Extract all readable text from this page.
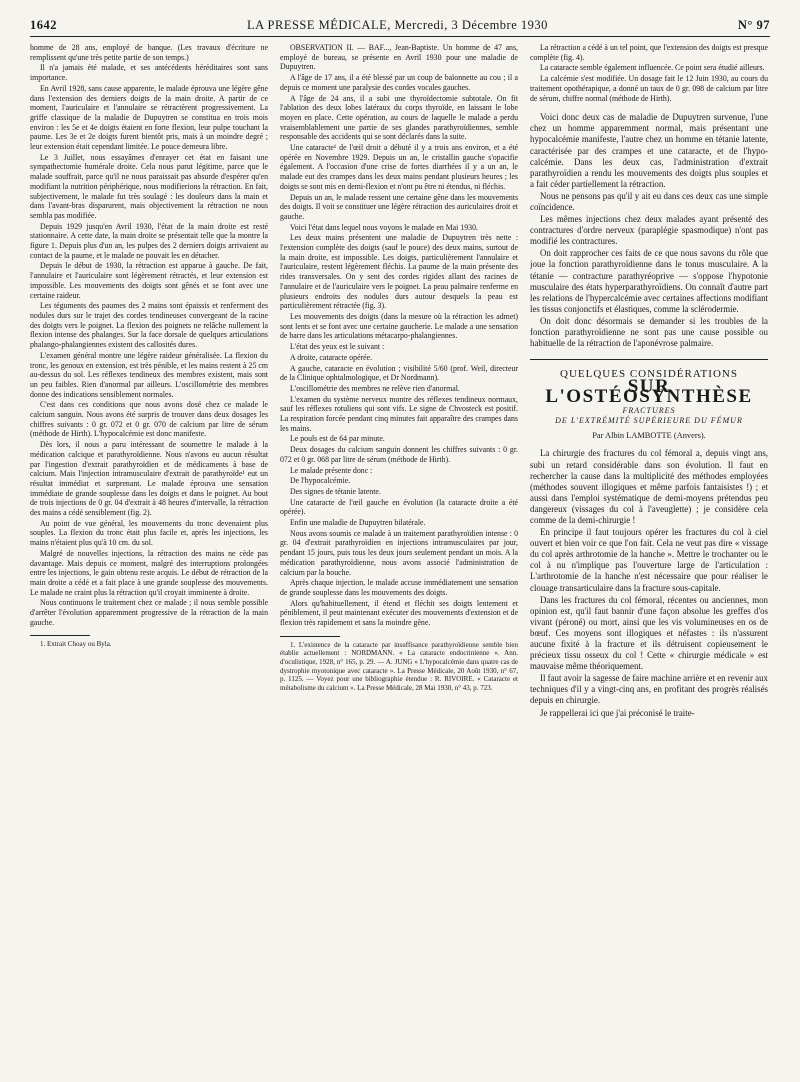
1642	LA PRESSE MÉDICALE, Mercredi, 3 Décembre 1930	N° 97

homme de 28 ans, employé de banque. (Les travaux d'écriture ne remplissent qu'une très petite partie de son temps.)

Il n'a jamais été malade, et ses antécédents héréditaires sont sans importance.

En Avril 1928, sans cause apparente, le malade éprouva une légère gêne dans l'extension des derniers doigts de la main droite. A partir de ce moment, l'auriculaire et l'annulaire se rétractèrent progressivement. La griffe classique de la maladie de Dupuytren se constitua en trois mois environ : les 5e et 4e doigts étaient en forte flexion, leur pulpe touchant la paume. Les 3e et 2e doigts furent bientôt pris, mais à un moindre degré ; leur extension était cependant limitée. Le pouce demeura libre.

Le 3 Juillet, nous essayâmes d'enrayer cet état en faisant une sympathectomie humérale droite. Cela nous parut légitime, parce que le malade souffrait, parce qu'il ne nous paraissait pas absurde d'espérer qu'en modifiant la nutrition périphérique, nous modifierions la rétraction. En fait, subjectivement, le malade fut très soulagé : les douleurs dans la main et dans l'avant-bras disparurent, mais objectivement la rétraction ne nous sembla pas modifiée.

Depuis 1929 jusqu'en Avril 1930, l'état de la main droite est resté stationnaire. A cette date, la main droite se présentait telle que la montre la figure 1. Depuis plus d'un an, les pulpes des 2 derniers doigts arrivaient au contact de la paume, et le malade ne pouvait les en détacher.

Depuis le début de 1930, la rétraction est apparue à gauche. De fait, l'annulaire et l'auriculaire sont légèrement rétractés, et leur extension est impossible. Les mouvements des doigts sont gênés et se font avec une certaine raideur.

Les téguments des paumes des 2 mains sont épaissis et renferment des nodules durs sur le trajet des cordes tendineuses convergeant de la racine des doigts vers le poignet. La flexion des poignets ne relâche nullement la flexion intense des phalanges. Sur la face dorsale de quelques articulations phalango-phalangiennes existent des callosités dures.

L'examen général montre une légère raideur généralisée. La flexion du tronc, les genoux en extension, est très pénible, et les mains restent à 25 cm au-dessus du sol. Les réflexes tendineux des membres existent, mais sont un peu faibles. Rien d'anormal par ailleurs. L'oscillométrie des membres donne des indications sensiblement normales.

C'est dans ces conditions que nous avons dosé chez ce malade le calcium sanguin. Nous avons été surpris de trouver dans deux dosages les chiffres suivants : 0 gr. 072 et 0 gr. 070 de calcium par litre de sérum (méthode de Hirth). L'hypocalcémie est donc manifeste.

Dès lors, il nous a paru intéressant de soumettre le malade à la médication calcique et parathyroïdienne. Nous n'avons eu aucun résultat par l'ingestion d'extrait parathyroïdien et de médicaments à base de calcium. Mais l'injection intramusculaire d'extrait de parathyroïde¹ eut un résultat immédiat et surprenant. Le malade éprouva une sensation immédiate de grande souplesse dans les doigts et dans le poignet. Au bout de trois injections de 0 gr. 04 d'extrait à 48 heures d'intervalle, la rétraction des mains a cédé sensiblement (fig. 2).

Au point de vue général, les mouvements du tronc devenaient plus souples. La flexion du tronc était plus facile et, après les injections, les mains n'étaient plus qu'à 10 cm. du sol.

Malgré de nouvelles injections, la rétraction des mains ne cède pas davantage. Mais depuis ce moment, malgré des interruptions prolongées entre les injections, le gain obtenu reste acquis. Le début de rétraction de la main droite a cédé et a fait place à une grande souplesse des mouvements. Le malade ne craint plus la rétraction qu'il croyait imminente à droite.

Nous continuons le traitement chez ce malade ; il nous semble possible d'arrêter l'évolution apparemment progressive de la rétraction de la main gauche.

1. Extrait Choay ou Byla.

OBSERVATION II. — BAF..., Jean-Baptiste. Un homme de 47 ans, employé de bureau, se présente en Avril 1930 pour une maladie de Dupuytren.

A l'âge de 17 ans, il a été blessé par un coup de baïonnette au cou ; il a depuis ce moment une paralysie des cordes vocales gauches.

A l'âge de 24 ans, il a subi une thyroïdectomie subtotale. On fit l'ablation des deux lobes latéraux du corps thyroïde, en laissant le lobe moyen en place. Cette opération, au cours de laquelle le malade a perdu vraisemblablement une partie de ses glandes parathyroïdiennes, semble responsable des accidents qui se sont déclarés dans la suite.

Une cataracte¹ de l'œil droit a débuté il y a trois ans environ, et a été opérée en Novembre 1929. Depuis un an, le cristallin gauche s'opacifie également. A l'occasion d'une crise de fortes diarrhées il y a un an, le malade eut des crampes dans les deux mains pendant plusieurs heures ; les doigts se sont mis en demi-flexion et n'ont pu être ni étendus, ni fléchis.

Depuis un an, le malade ressent une certaine gêne dans les mouvements des doigts. Il voit se constituer une légère rétraction des auriculaires droit et gauche.

Voici l'état dans lequel nous voyons le malade en Mai 1930.

Les deux mains présentent une maladie de Dupuytren très nette : l'extension complète des doigts (sauf le pouce) des deux mains, surtout de la main droite, est impossible. Les doigts, particulièrement l'annulaire et l'auriculaire, restent légèrement fléchis. La paume de la main présente des rides transversales. On y sent des cordes rigides allant des racines de l'annulaire et de l'auriculaire vers le poignet. La peau palmaire renferme en plusieurs endroits des nodules durs autour desquels la peau est particulièrement rétractée (fig. 3).

Les mouvements des doigts (dans la mesure où la rétraction les admet) sont lents et se font avec une certaine gaucherie. Le malade a une sensation de barre dans les articulations métacarpo-phalangiennes.

L'état des yeux est le suivant :

A droite, cataracte opérée.

A gauche, cataracte en évolution ; visibilité 5/60 (prof. Weil, directeur de la Clinique ophtalmologique, et Dr Nordmann).

L'oscillométrie des membres ne relève rien d'anormal.

L'examen du système nerveux montre des réflexes tendineux normaux, sauf les réflexes rotuliens qui sont vifs. Le signe de Chvosteck est positif. La respiration forcée pendant cinq minutes fait apparaître des crampes dans les mains.

Le pouls est de 64 par minute.

Deux dosages du calcium sanguin donnent les chiffres suivants : 0 gr. 072 et 0 gr. 068 par litre de sérum (méthode de Hirth).

Le malade présente donc :

De l'hypocalcémie.

Des signes de tétanie latente.

Une cataracte de l'œil gauche en évolution (la cataracte droite a été opérée).

Enfin une maladie de Dupuytren bilatérale.

Nous avons soumis ce malade à un traitement parathyroïdien intense : 0 gr. 04 d'extrait parathyroïdien en injections intramusculaires par jour, pendant 15 jours, puis tous les deux jours seulement pendant un mois. A la médication parathyroïdienne, nous avons associé l'administration de calcium par la bouche.

Après chaque injection, le malade accuse immédiatement une sensation de grande souplesse dans les mouvements des doigts.

Alors qu'habituellement, il étend et fléchit ses doigts lentement et péniblement, il peut maintenant exécuter des mouvements d'extension et de flexion très rapidement et sans la moindre gêne.

1. L'existence de la cataracte par insuffisance parathyroïdienne semble bien établie actuellement : NORDMANN. « La cataracte endocrinienne ». Ann. d'oculistique, 1928, n° 165, p. 29. — A. JUNG « L'hypocalcémie dans quatre cas de dystrophie myotonique avec cataracte ». La Presse Médicale, 20 Août 1930, n° 67, p. 1125. — Voyez pour une bibliographie étendue : R. RIVOIRE. « Cataracte et métabolisme du calcium ». La Presse Médicale, 28 Mai 1930, n° 43, p. 723.

La rétraction a cédé à un tel point, que l'extension des doigts est presque complète (fig. 4).

La cataracte semble également influencée. Ce point sera étudié ailleurs.

La calcémie s'est modifiée. Un dosage fait le 12 Juin 1930, au cours du traitement opothérapique, a donné un taux de 0 gr. 098 de calcium par litre de sérum, chiffre normal (méthode de Hirth).

Voici donc deux cas de maladie de Dupuytren survenue, l'une chez un homme apparemment normal, mais présentant une hypocalcémie manifeste, l'autre chez un homme en tétanie latente, caractérisée par des crampes et une cataracte, et de l'hypo-calcémie. Dans les deux cas, l'administration d'extrait parathyroïdien a rendu les mouvements des doigts plus souples et a fait céder partiellement la rétraction.

Nous ne pensons pas qu'il y ait eu dans ces deux cas une simple coïncidence.

Les mêmes injections chez deux malades ayant présenté des contractures d'ordre nerveux (paraplégie spasmodique) n'ont pas modifié les contractures.

On doit rapprocher ces faits de ce que nous savons du rôle que joue la fonction parathyroïdienne dans le tonus musculaire. A la tétanie — contracture parathyréoprive — s'oppose l'hypotonie musculaire des états hyperparathyroïdiens. On connaît d'autre part les relations de l'hypercalcémie avec certaines affections modifiant les tissus conjonctifs et élastiques, comme la sclérodermie.

On doit donc désormais se demander si les troubles de la fonction parathyroïdienne ne sont pas une cause possible ou habituelle de la rétraction de l'aponévrose palmaire.

QUELQUES CONSIDÉRATIONS
SUR L'OSTÉOSYNTHÈSE
FRACTURES
DE L'EXTRÉMITÉ SUPÉRIEURE DU FÉMUR
Par Albin LAMBOTTE (Anvers).

La chirurgie des fractures du col fémoral a, depuis vingt ans, subi un retard considérable dans son évolution. Il faut en rechercher la cause dans la multiplicité des méthodes employées (méthodes souvent illogiques et même parfois fantaisistes !) ; et aussi dans l'emploi systématique de demi-moyens prétendus peu dangereux (vissages du col à l'aveuglette) ; je considère cela comme de la demi-chirurgie !

En principe il faut toujours opérer les fractures du col à ciel ouvert et bien voir ce que l'on fait. Cela ne veut pas dire « vissage du col après arthrotomie de la hanche ». Mettre le trochanter ou le col à nu n'implique pas l'ouverture large de l'articulation : L'arthrotomie de la hanche n'est nécessaire que pour réaliser le clouage transarticulaire dans la fracture sous-capitale.

Dans les fractures du col fémoral, récentes ou anciennes, mon opinion est, qu'il faut bannir d'une façon absolue les greffes d'os vivant (péroné) ou mort, ainsi que les vis volumineuses en os de bœuf. Ces moyens sont illogiques et néfastes : ils n'assurent aucune fixité à la fracture et ils détruisent copieusement le précieux tissu osseux du col ! Cette « chirurgie médicale » est mauvaise même théoriquement.

Il faut avoir la sagesse de faire machine arrière et en revenir aux techniques d'il y a vingt-cinq ans, en profitant des progrès réalisés depuis en chirurgie.

Je rappellerai ici que j'ai préconisé le traite-
